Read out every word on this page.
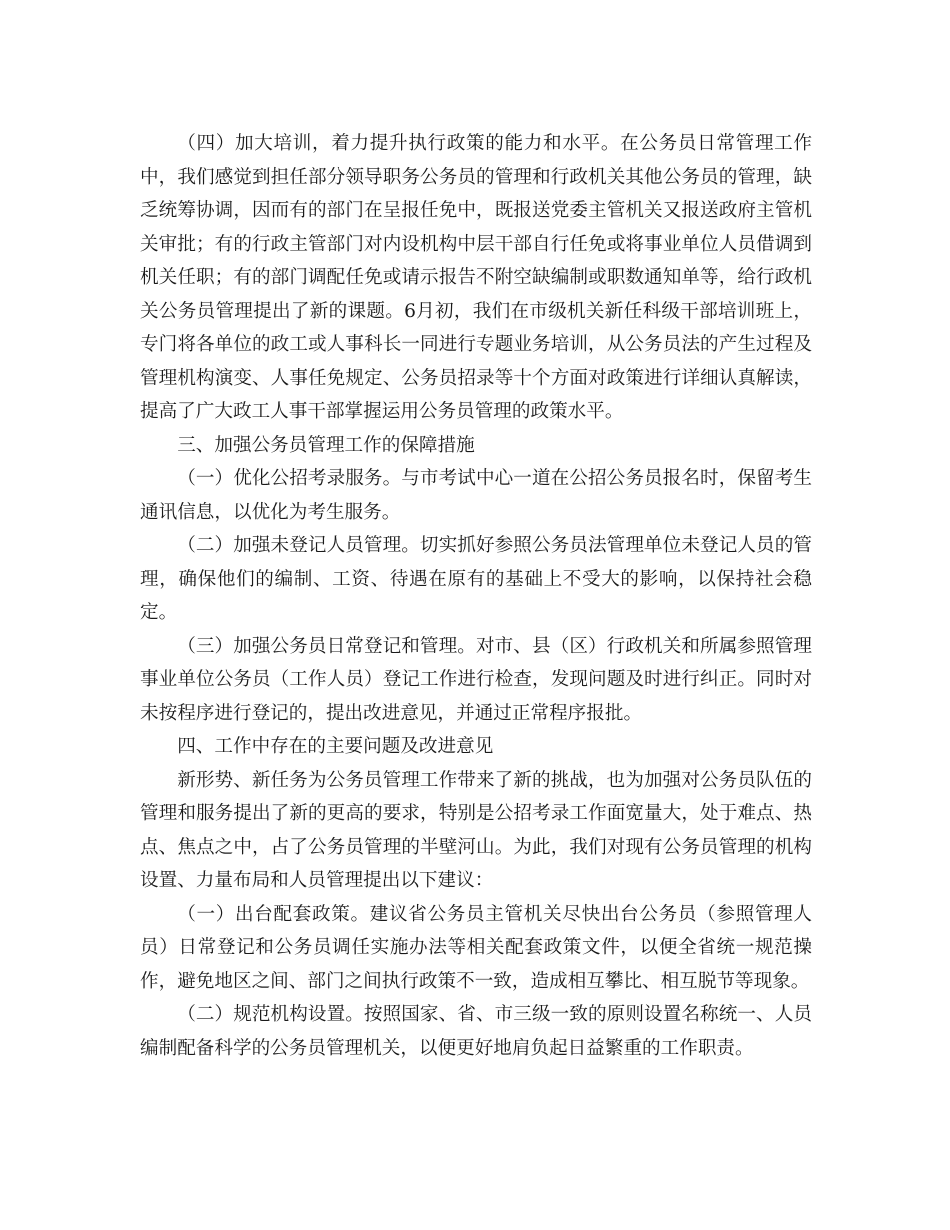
（四）加大培训，着力提升执行政策的能力和水平。在公务员日常管理工作中，我们感觉到担任部分领导职务公务员的管理和行政机关其他公务员的管理，缺乏统筹协调，因而有的部门在呈报任免中，既报送党委主管机关又报送政府主管机关审批；有的行政主管部门对内设机构中层干部自行任免或将事业单位人员借调到机关任职；有的部门调配任免或请示报告不附空缺编制或职数通知单等，给行政机关公务员管理提出了新的课题。6月初，我们在市级机关新任科级干部培训班上，专门将各单位的政工或人事科长一同进行专题业务培训，从公务员法的产生过程及管理机构演变、人事任免规定、公务员招录等十个方面对政策进行详细认真解读，提高了广大政工人事干部掌握运用公务员管理的政策水平。

三、加强公务员管理工作的保障措施

（一）优化公招考录服务。与市考试中心一道在公招公务员报名时，保留考生通讯信息，以优化为考生服务。

（二）加强未登记人员管理。切实抓好参照公务员法管理单位未登记人员的管理，确保他们的编制、工资、待遇在原有的基础上不受大的影响，以保持社会稳定。

（三）加强公务员日常登记和管理。对市、县（区）行政机关和所属参照管理事业单位公务员（工作人员）登记工作进行检查，发现问题及时进行纠正。同时对未按程序进行登记的，提出改进意见，并通过正常程序报批。

四、工作中存在的主要问题及改进意见

新形势、新任务为公务员管理工作带来了新的挑战，也为加强对公务员队伍的管理和服务提出了新的更高的要求，特别是公招考录工作面宽量大，处于难点、热点、焦点之中，占了公务员管理的半壁河山。为此，我们对现有公务员管理的机构设置、力量布局和人员管理提出以下建议：

（一）出台配套政策。建议省公务员主管机关尽快出台公务员（参照管理人员）日常登记和公务员调任实施办法等相关配套政策文件，以便全省统一规范操作，避免地区之间、部门之间执行政策不一致，造成相互攀比、相互脱节等现象。

（二）规范机构设置。按照国家、省、市三级一致的原则设置名称统一、人员编制配备科学的公务员管理机关，以便更好地肩负起日益繁重的工作职责。
